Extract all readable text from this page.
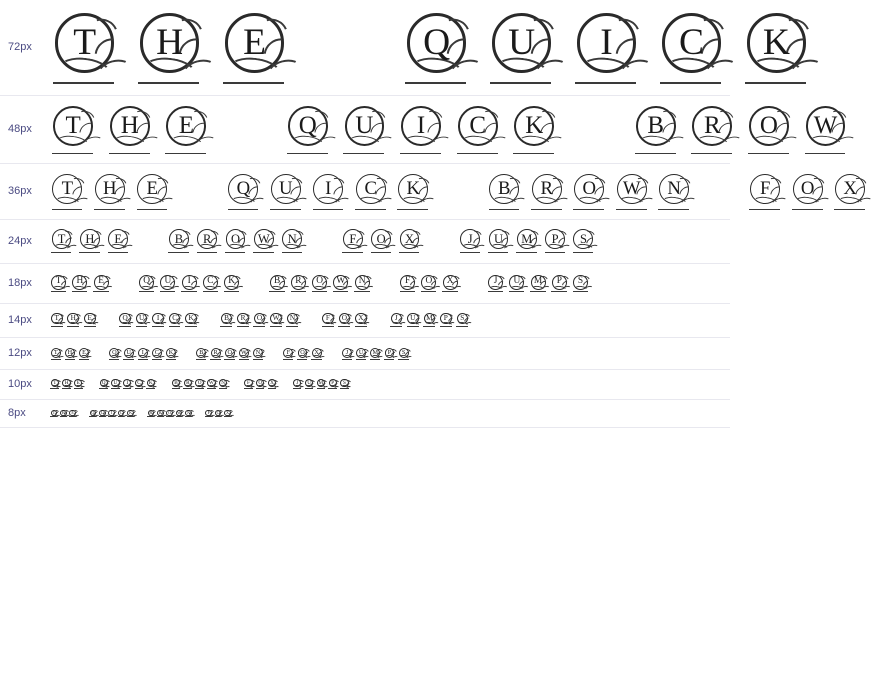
72px	T	H	E	Q	U	I	C	K
48px	T	H	E	Q	U	I	C	K	B	R	O	W
36px	T	H	E	Q	U	I	C	K	B	R	O	W	N	F	O	X
24px	T	H	E	B	R	O	W	N	F	O	X	J	U	M	P	S
18px	T	H	E	Q	U	I	C	K	B	R	O	W	N	F	O	X	J	U	M	P	S
14px	T	H	E	Q	U	I	C	K	B	R	O	W	N	F	O	X	J	U	M	P	S
12px	T	H	E	Q	U	I	C	K	B	R	O	W	N	F	O	X	J	U	M	P	S
10px	T	H	E	Q	U	I	C	K	B	R	O	W	N	F	O	X	J	U	M	P	S
8px	T	H	E	Q	U	I	C	K	B	R	O	W	N	F	O	X
